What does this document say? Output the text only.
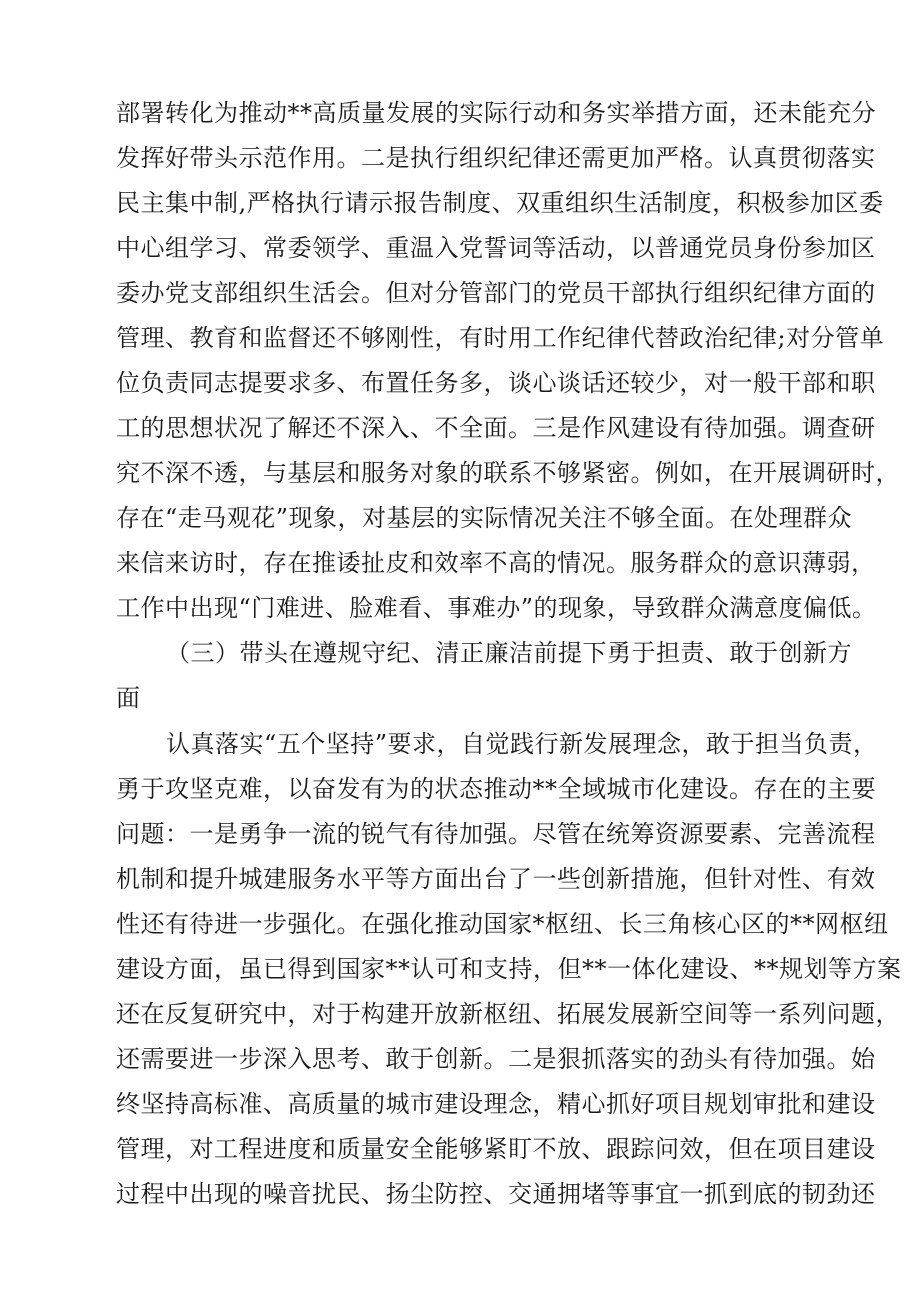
部署转化为推动**高质量发展的实际行动和务实举措方面，还未能充分
发挥好带头示范作用。二是执行组织纪律还需更加严格。认真贯彻落实
民主集中制,严格执行请示报告制度、双重组织生活制度，积极参加区委
中心组学习、常委领学、重温入党誓词等活动，以普通党员身份参加区
委办党支部组织生活会。但对分管部门的党员干部执行组织纪律方面的
管理、教育和监督还不够刚性，有时用工作纪律代替政治纪律;对分管单
位负责同志提要求多、布置任务多，谈心谈话还较少，对一般干部和职
工的思想状况了解还不深入、不全面。三是作风建设有待加强。调查研
究不深不透，与基层和服务对象的联系不够紧密。例如，在开展调研时，
存在“走马观花”现象，对基层的实际情况关注不够全面。在处理群众
来信来访时，存在推诿扯皮和效率不高的情况。服务群众的意识薄弱，
工作中出现“门难进、脸难看、事难办”的现象，导致群众满意度偏低。
（三）带头在遵规守纪、清正廉洁前提下勇于担责、敢于创新方
面
认真落实“五个坚持”要求，自觉践行新发展理念，敢于担当负责，
勇于攻坚克难，以奋发有为的状态推动**全域城市化建设。存在的主要
问题：一是勇争一流的锐气有待加强。尽管在统筹资源要素、完善流程
机制和提升城建服务水平等方面出台了一些创新措施，但针对性、有效
性还有待进一步强化。在强化推动国家*枢纽、长三角核心区的**网枢纽
建设方面，虽已得到国家**认可和支持，但**一体化建设、**规划等方案
还在反复研究中，对于构建开放新枢纽、拓展发展新空间等一系列问题，
还需要进一步深入思考、敢于创新。二是狠抓落实的劲头有待加强。始
终坚持高标准、高质量的城市建设理念，精心抓好项目规划审批和建设
管理，对工程进度和质量安全能够紧盯不放、跟踪问效，但在项目建设
过程中出现的噪音扰民、扬尘防控、交通拥堵等事宜一抓到底的韧劲还
